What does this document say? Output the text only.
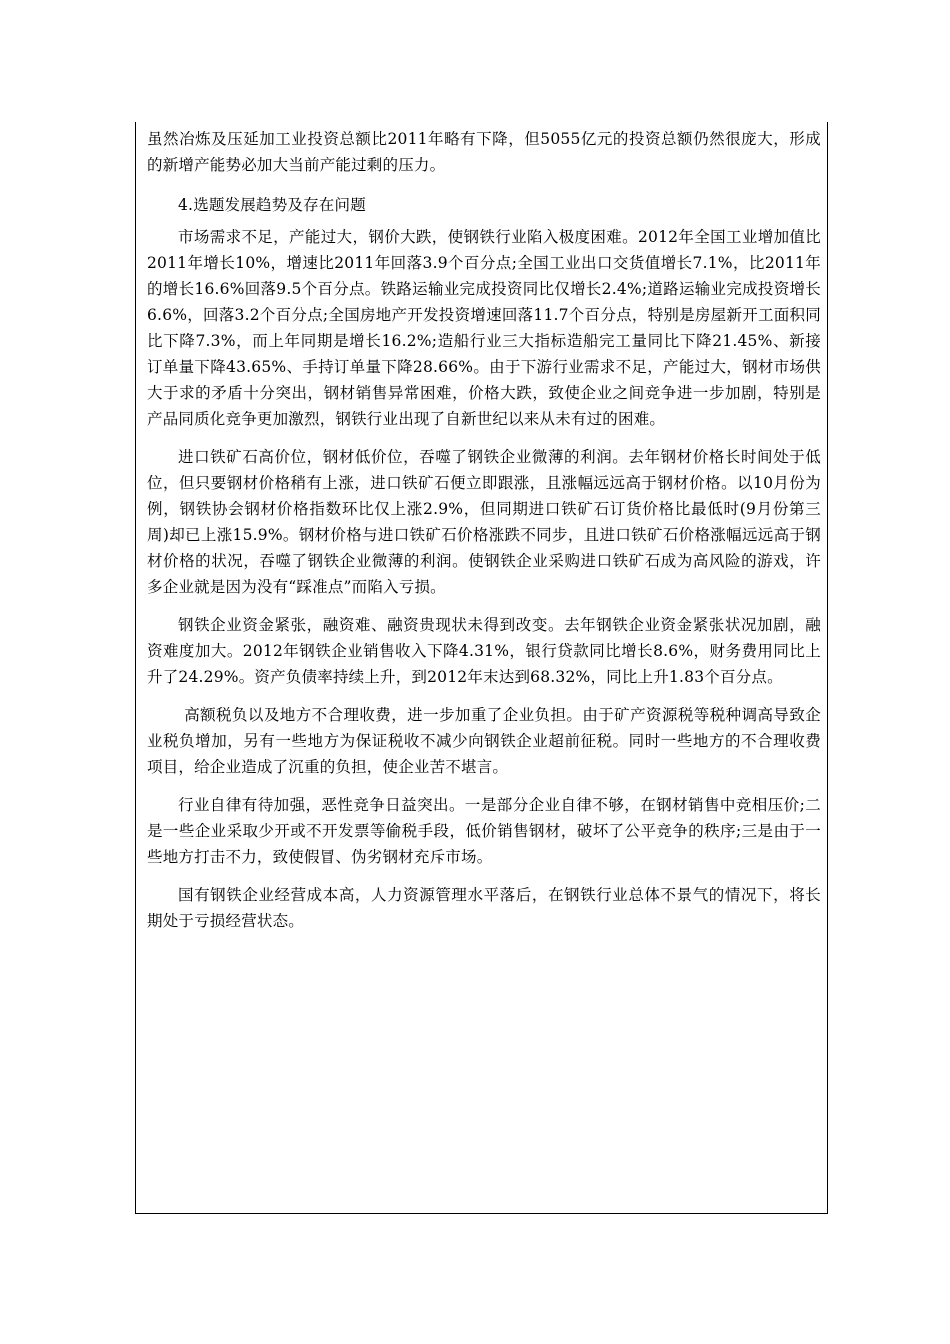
虽然冶炼及压延加工业投资总额比2011年略有下降，但5055亿元的投资总额仍然很庞大，形成的新增产能势必加大当前产能过剩的压力。

4.选题发展趋势及存在问题

市场需求不足，产能过大，钢价大跌，使钢铁行业陷入极度困难。2012年全国工业增加值比2011年增长10%，增速比2011年回落3.9个百分点;全国工业出口交货值增长7.1%，比2011年的增长16.6%回落9.5个百分点。铁路运输业完成投资同比仅增长2.4%;道路运输业完成投资增长6.6%，回落3.2个百分点;全国房地产开发投资增速回落11.7个百分点，特别是房屋新开工面积同比下降7.3%，而上年同期是增长16.2%;造船行业三大指标造船完工量同比下降21.45%、新接订单量下降43.65%、手持订单量下降28.66%。由于下游行业需求不足，产能过大，钢材市场供大于求的矛盾十分突出，钢材销售异常困难，价格大跌，致使企业之间竞争进一步加剧，特别是产品同质化竞争更加激烈，钢铁行业出现了自新世纪以来从未有过的困难。

进口铁矿石高价位，钢材低价位，吞噬了钢铁企业微薄的利润。去年钢材价格长时间处于低位，但只要钢材价格稍有上涨，进口铁矿石便立即跟涨，且涨幅远远高于钢材价格。以10月份为例，钢铁协会钢材价格指数环比仅上涨2.9%，但同期进口铁矿石订货价格比最低时(9月份第三周)却已上涨15.9%。钢材价格与进口铁矿石价格涨跌不同步，且进口铁矿石价格涨幅远远高于钢材价格的状况，吞噬了钢铁企业微薄的利润。使钢铁企业采购进口铁矿石成为高风险的游戏，许多企业就是因为没有“踩准点”而陷入亏损。

钢铁企业资金紧张，融资难、融资贵现状未得到改变。去年钢铁企业资金紧张状况加剧，融资难度加大。2012年钢铁企业销售收入下降4.31%，银行贷款同比增长8.6%，财务费用同比上升了24.29%。资产负债率持续上升，到2012年末达到68.32%，同比上升1.83个百分点。

高额税负以及地方不合理收费，进一步加重了企业负担。由于矿产资源税等税种调高导致企业税负增加，另有一些地方为保证税收不减少向钢铁企业超前征税。同时一些地方的不合理收费项目，给企业造成了沉重的负担，使企业苦不堪言。

行业自律有待加强，恶性竞争日益突出。一是部分企业自律不够，在钢材销售中竞相压价;二是一些企业采取少开或不开发票等偷税手段，低价销售钢材，破坏了公平竞争的秩序;三是由于一些地方打击不力，致使假冒、伪劣钢材充斥市场。

国有钢铁企业经营成本高，人力资源管理水平落后，在钢铁行业总体不景气的情况下，将长期处于亏损经营状态。
